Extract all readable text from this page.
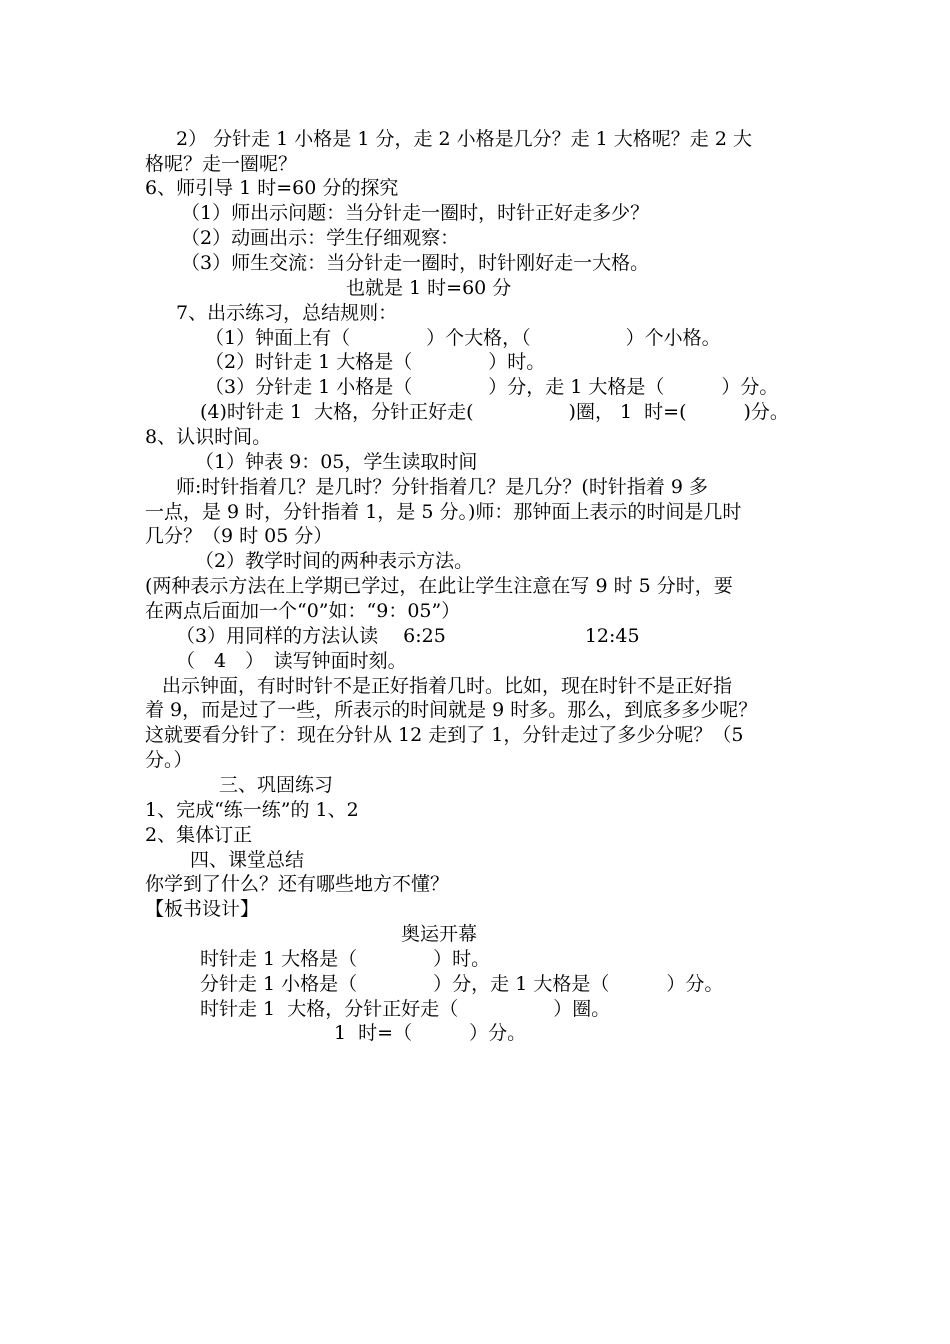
2） 分针走 1 小格是 1 分，走 2 小格是几分？走 1 大格呢？走 2 大

格呢？走一圈呢？

6、师引导 1 时=60 分的探究

（1）师出示问题：当分针走一圈时，时针正好走多少？

（2）动画出示：学生仔细观察：

（3）师生交流：当分针走一圈时，时针刚好走一大格。

也就是 1 时=60 分

7、出示练习，总结规则：

（1）钟面上有（　　　　）个大格，（　　　　　）个小格。

（2）时针走 1 大格是（　　　　）时。

（3）分针走 1 小格是（　　　　）分，走 1 大格是（　　　）分。

(4)时针走 1  大格，分针正好走(　　　　　)圈， 1  时=(　　　)分。

8、认识时间。

（1）钟表 9：05，学生读取时间

师:时针指着几？是几时？分针指着几？是几分？(时针指着 9 多

一点，是 9 时，分针指着 1，是 5 分。)师：那钟面上表示的时间是几时

几分？（9 时 05 分）

（2）教学时间的两种表示方法。

(两种表示方法在上学期已学过，在此让学生注意在写 9 时 5 分时，要

在两点后面加一个“0”如：“9：05”）

（3）用同样的方法认读　 6:25　　　　　　　 12:45

（　4　）　读写钟面时刻。

出示钟面，有时时针不是正好指着几时。比如，现在时针不是正好指

着 9，而是过了一些，所表示的时间就是 9 时多。那么，到底多多少呢？

这就要看分针了：现在分针从 12 走到了 1，分针走过了多少分呢？（5

分。）

三、巩固练习

1、完成“练一练”的 1、2

2、集体订正

四、课堂总结

你学到了什么？还有哪些地方不懂？

【板书设计】

奥运开幕

时针走 1 大格是（　　　　）时。

分针走 1 小格是（　　　　）分，走 1 大格是（　　　）分。

时针走 1  大格，分针正好走（　　　　　）圈。

1  时=（　　　）分。
